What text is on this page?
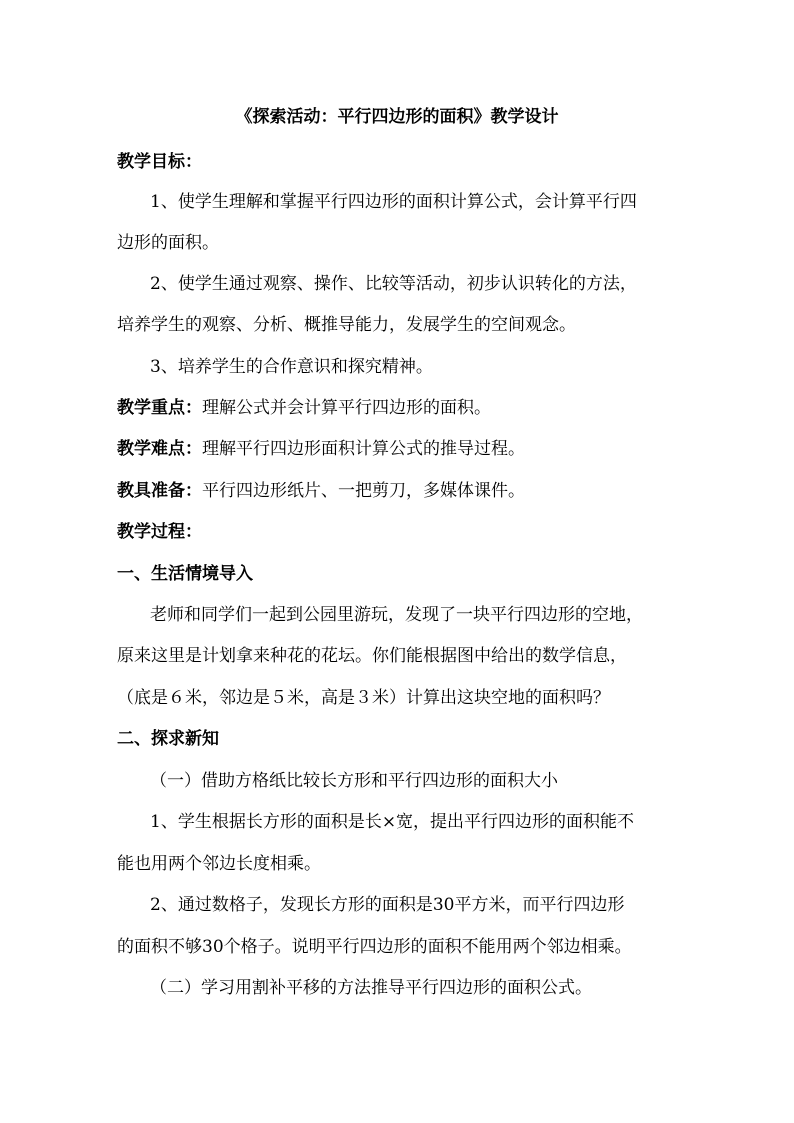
《探索活动：平行四边形的面积》教学设计
教学目标：
1、使学生理解和掌握平行四边形的面积计算公式，会计算平行四
边形的面积。
2、使学生通过观察、操作、比较等活动，初步认识转化的方法，
培养学生的观察、分析、概推导能力，发展学生的空间观念。
3、培养学生的合作意识和探究精神。
教学重点：理解公式并会计算平行四边形的面积。
教学难点：理解平行四边形面积计算公式的推导过程。
教具准备：平行四边形纸片、一把剪刀，多媒体课件。
教学过程：
一、生活情境导入
老师和同学们一起到公园里游玩，发现了一块平行四边形的空地，
原来这里是计划拿来种花的花坛。你们能根据图中给出的数学信息，
（底是６米，邻边是５米，高是３米）计算出这块空地的面积吗？
二、探求新知
（一）借助方格纸比较长方形和平行四边形的面积大小
1、学生根据长方形的面积是长×宽，提出平行四边形的面积能不
能也用两个邻边长度相乘。
2、通过数格子，发现长方形的面积是30平方米，而平行四边形
的面积不够30个格子。说明平行四边形的面积不能用两个邻边相乘。
（二）学习用割补平移的方法推导平行四边形的面积公式。
